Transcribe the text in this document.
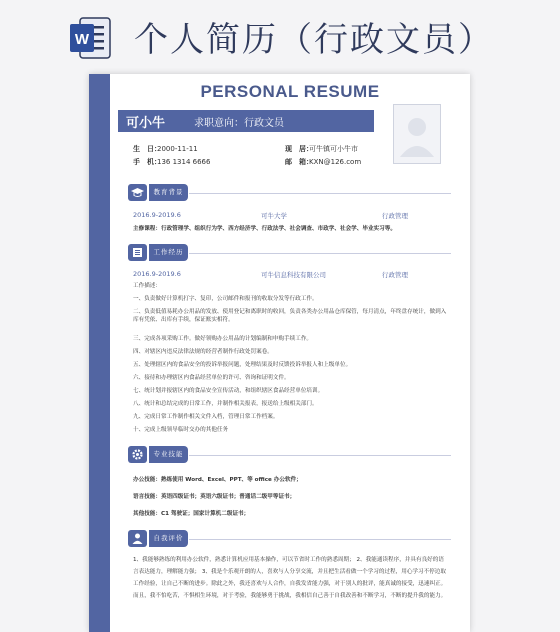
W 个人简历（行政文员）
PERSONAL RESUME
可小牛	求职意向：行政文员
生　日：2000-11-11
手　机：136 1314 6666
现　居：可牛镇可小牛市
邮　箱：KXN@126.com
教育背景
2016.9-2019.6	可牛大学	行政管理
主修课程：行政管理学、组织行为学、西方经济学、行政法学、社会调查、市政学、社会学、毕业实习等。
工作经历
2016.9-2019.6	可牛信息科技有限公司	行政管理
工作描述：
一、负责做好计算机打字、复印，公司邮件和报刊的收取分发等行政工作。
二、负责低值易耗办公用品的发放、使用登记和离职时的收回，负责各类办公用品仓库保管，每月清点，年终盘存统计，做到入库有凭依、出库有手续，保证账实相符。
三、完成各项采购工作。做好领购办公用品的计划编制和申购手续工作。
四、对辖区内违反法律法规的经营者制作行政处罚案卷。
五、处理辖区内的食品安全的投诉举报问题，处理结果及时反馈投诉举报人和上级单位。
六、接待和办理辖区内食品经营单位的许可、咨询和证明文件。
七、统计划并报辖区内的食品安全宣传活动，和组织辖区食品经营单位培训。
八、统计和总结完成的日常工作，并制作相关报表，报送给上级相关部门。
九、完成日常工作制作相关文件入档，管理日常工作档案。
十、完成上级领导临时交办的其他任务
专业技能
办公技能：熟练使用 Word、Excel、PPT、等 office 办公软件；
语言技能：英语四级证书；英语六级证书；普通话二级甲等证书；
其他技能：C1 驾驶证；国家计算机二级证书；
自我评价
1、我能够熟练的利用办公软件，熟悉计算机应用基本操作，可以节省时工作的熟悉周期； 2、我能通读程序，并具有良好的语言表达能力，理解能力强； 3、我是个乐观开朗的人，喜欢与人分享交流，并且把生活看做一个学习的过程，用心学习不停边取工作经验，让自己不断的进步。除此之外，我还喜欢与人合作，自我发省能力强，对于别人的批评，能真诚的接受，迅速纠正。而且，我不怕吃苦，不惧相生环境，对于考验，我能够勇于挑战，我相信自己善于自我改善和不断学习，不断的提升我的能力。
